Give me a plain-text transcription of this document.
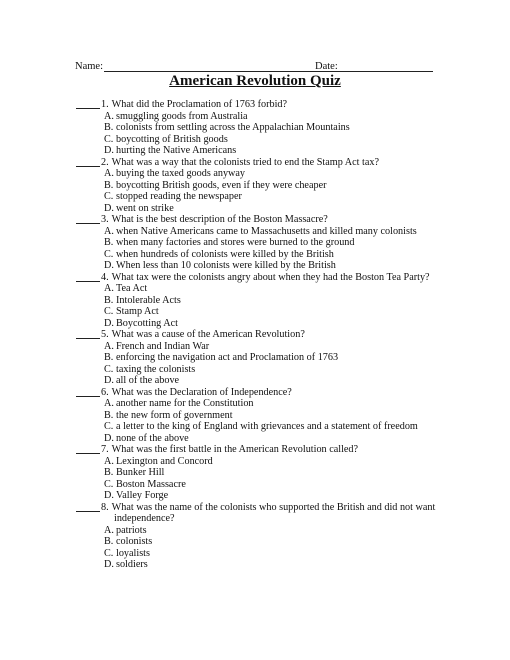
Name:	Date:
American Revolution Quiz
1. What did the Proclamation of 1763 forbid?
A. smuggling goods from Australia
B. colonists from settling across the Appalachian Mountains
C. boycotting of British goods
D. hurting the Native Americans
2. What was a way that the colonists tried to end the Stamp Act tax?
A. buying the taxed goods anyway
B. boycotting British goods, even if they were cheaper
C. stopped reading the newspaper
D. went on strike
3. What is the best description of the Boston Massacre?
A. when Native Americans came to Massachusetts and killed many colonists
B. when many factories and stores were burned to the ground
C. when hundreds of colonists were killed by the British
D. When less than 10 colonists were killed by the British
4. What tax were the colonists angry about when they had the Boston Tea Party?
A. Tea Act
B. Intolerable Acts
C. Stamp Act
D. Boycotting Act
5. What was a cause of the American Revolution?
A. French and Indian War
B. enforcing the navigation act and Proclamation of 1763
C. taxing the colonists
D. all of the above
6. What was the Declaration of Independence?
A. another name for the Constitution
B. the new form of government
C. a letter to the king of England with grievances and a statement of freedom
D. none of the above
7. What was the first battle in the American Revolution called?
A. Lexington and Concord
B. Bunker Hill
C. Boston Massacre
D. Valley Forge
8. What was the name of the colonists who supported the British and did not want
independence?
A. patriots
B. colonists
C. loyalists
D. soldiers
